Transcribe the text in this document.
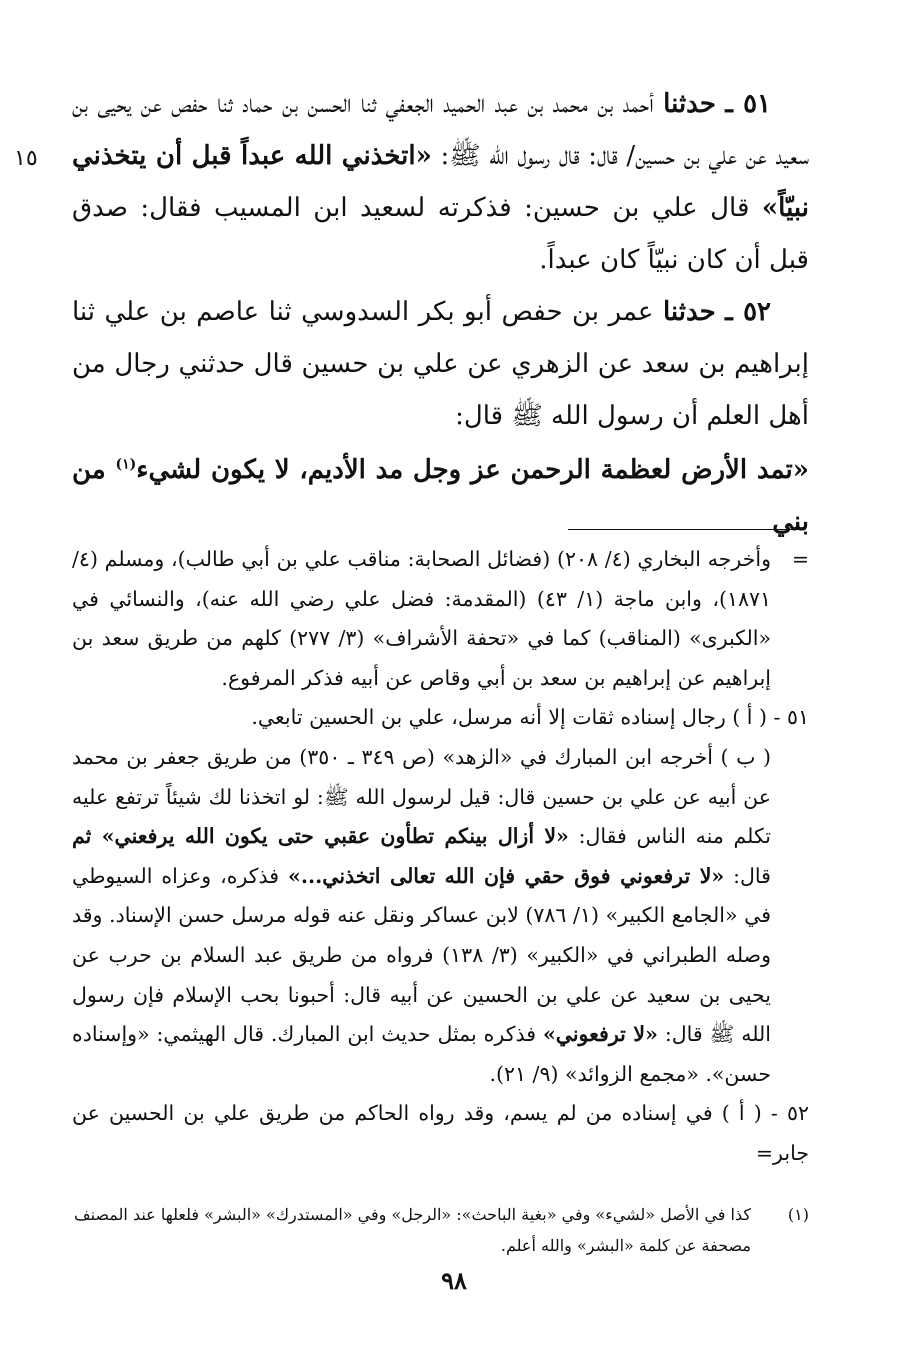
٥١ ـ حدثنا أحمد بن محمد بن عبد الحميد الجعفي ثنا الحسن بن حماد ثنا حفص عن يحيى بن سعيد عن علي بن حسين/ قال: قال رسول الله ﷺ: «اتخذني الله عبداً قبل أن يتخذني نبيّاً» قال علي بن حسين: فذكرته لسعيد ابن المسيب فقال: صدق قبل أن كان نبيّاً كان عبداً.

٥٢ ـ حدثنا عمر بن حفص أبو بكر السدوسي ثنا عاصم بن علي ثنا إبراهيم بن سعد عن الزهري عن علي بن حسين قال حدثني رجال من أهل العلم أن رسول الله ﷺ قال:

«تمد الأرض لعظمة الرحمن عز وجل مد الأديم، لا يكون لشيء$^{(١)}$ من بني

١٥

=
وأخرجه البخاري (٤/ ٢٠٨) (فضائل الصحابة: مناقب علي بن أبي طالب)، ومسلم (٤/ ١٨٧١)، وابن ماجة (١/ ٤٣) (المقدمة: فضل علي رضي الله عنه)، والنسائي في «الكبرى» (المناقب) كما في «تحفة الأشراف» (٣/ ٢٧٧) كلهم من طريق سعد بن إبراهيم عن إبراهيم بن سعد بن أبي وقاص عن أبيه فذكر المرفوع.

٥١ - ( أ ) رجال إسناده ثقات إلا أنه مرسل، علي بن الحسين تابعي.

( ب ) أخرجه ابن المبارك في «الزهد» (ص ٣٤٩ ـ ٣٥٠) من طريق جعفر بن محمد عن أبيه عن علي بن حسين قال: قيل لرسول الله ﷺ: لو اتخذنا لك شيئاً ترتفع عليه تكلم منه الناس فقال: «لا أزال بينكم تطأون عقبي حتى يكون الله يرفعني» ثم قال: «لا ترفعوني فوق حقي فإن الله تعالى اتخذني...» فذكره، وعزاه السيوطي في «الجامع الكبير» (١/ ٧٨٦) لابن عساكر ونقل عنه قوله مرسل حسن الإسناد. وقد وصله الطبراني في «الكبير» (٣/ ١٣٨) فرواه من طريق عبد السلام بن حرب عن يحيى بن سعيد عن علي بن الحسين عن أبيه قال: أحبونا بحب الإسلام فإن رسول الله ﷺ قال: «لا ترفعوني» فذكره بمثل حديث ابن المبارك. قال الهيثمي: «وإسناده حسن». «مجمع الزوائد» (٩/ ٢١).

٥٢ - ( أ ) في إسناده من لم يسم، وقد رواه الحاكم من طريق علي بن الحسين عن جابر=

(١)
كذا في الأصل «لشيء» وفي «بغية الباحث»: «الرجل» وفي «المستدرك» «البشر» فلعلها عند المصنف

مصحفة عن كلمة «البشر» والله أعلم.

٩٨
